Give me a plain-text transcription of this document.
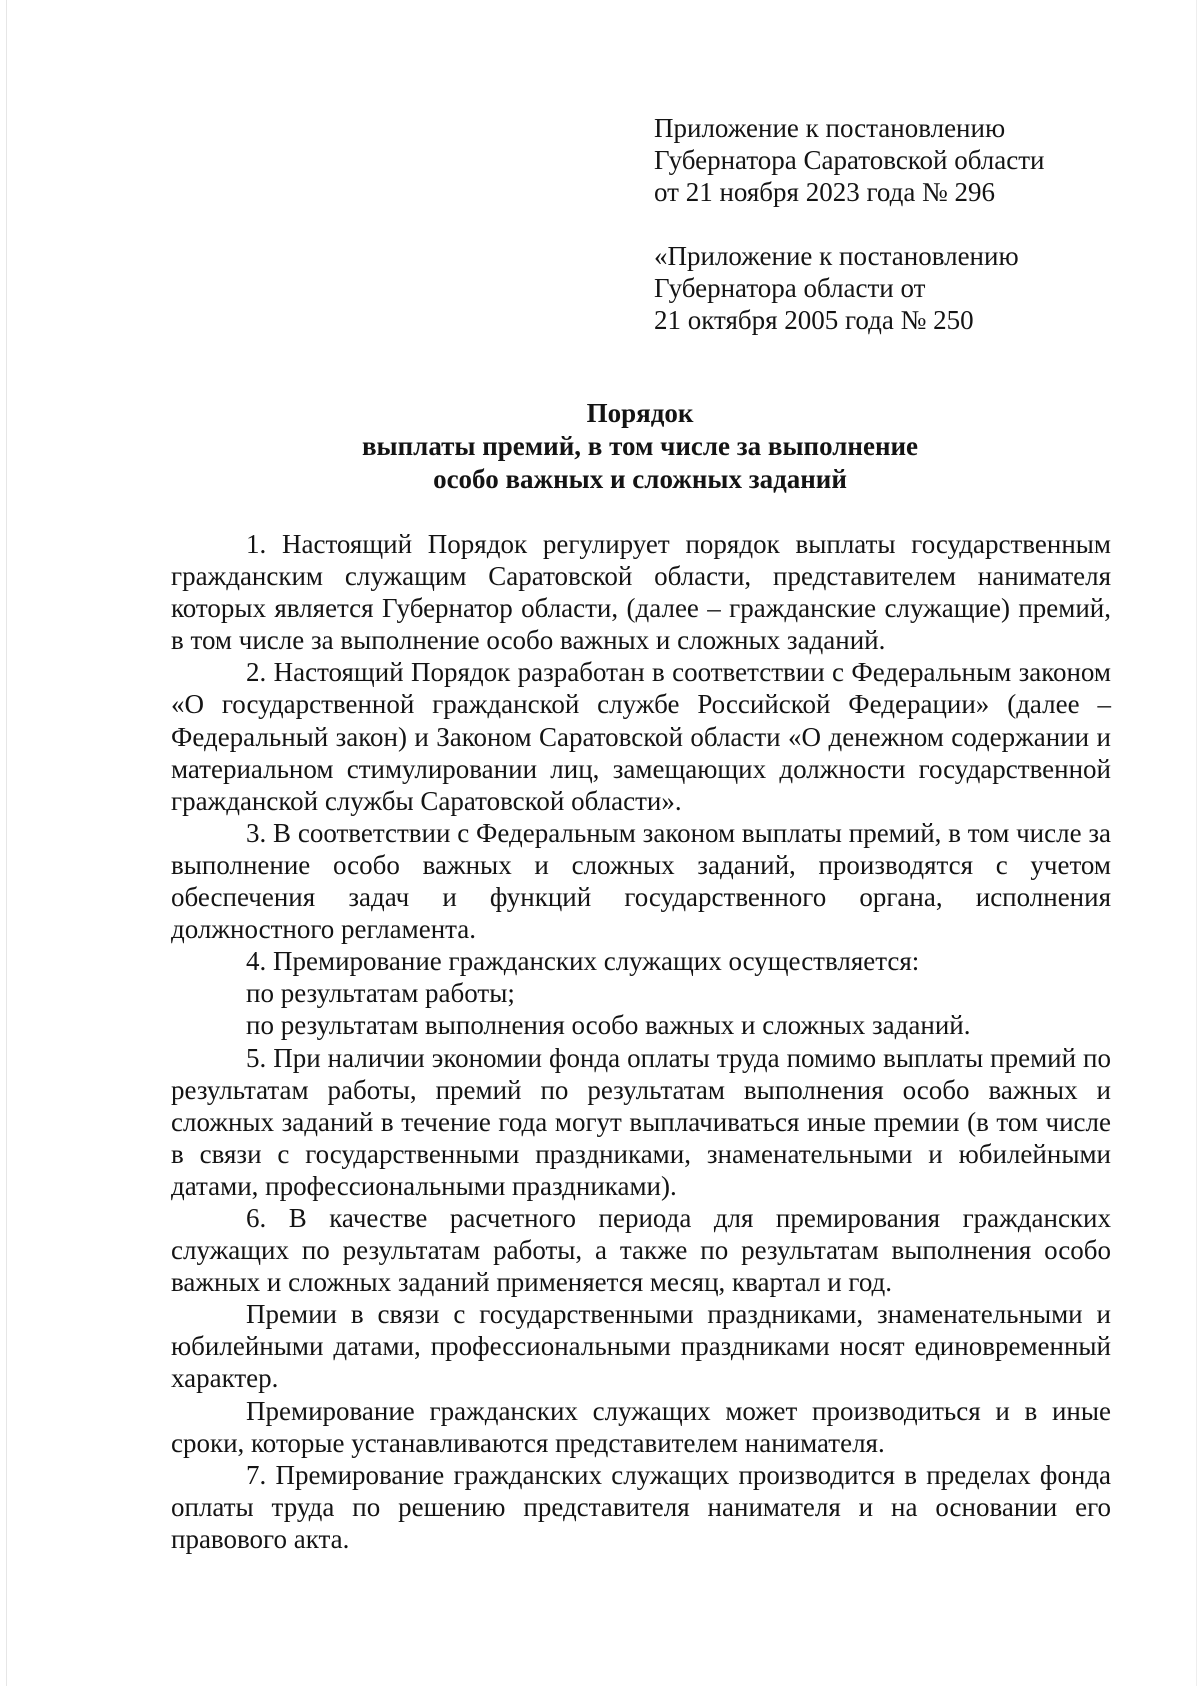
Приложение к постановлению
Губернатора Саратовской области
от 21 ноября 2023 года № 296
«Приложение к постановлению
Губернатора области от
21 октября 2005 года № 250
Порядок
выплаты премий, в том числе за выполнение
особо важных и сложных заданий

1. Настоящий Порядок регулирует порядок выплаты государственным гражданским служащим Саратовской области, представителем нанимателя которых является Губернатор области, (далее – гражданские служащие) премий, в том числе за выполнение особо важных и сложных заданий.

2. Настоящий Порядок разработан в соответствии с Федеральным законом «О государственной гражданской службе Российской Федерации» (далее – Федеральный закон) и Законом Саратовской области «О денежном содержании и материальном стимулировании лиц, замещающих должности государственной гражданской службы Саратовской области».

3. В соответствии с Федеральным законом выплаты премий, в том числе за выполнение особо важных и сложных заданий, производятся с учетом обеспечения задач и функций государственного органа, исполнения должностного регламента.

4. Премирование гражданских служащих осуществляется:

по результатам работы;

по результатам выполнения особо важных и сложных заданий.

5. При наличии экономии фонда оплаты труда помимо выплаты премий по результатам работы, премий по результатам выполнения особо важных и сложных заданий в течение года могут выплачиваться иные премии (в том числе в связи с государственными праздниками, знаменательными и юбилейными датами, профессиональными праздниками).

6. В качестве расчетного периода для премирования гражданских служащих по результатам работы, а также по результатам выполнения особо важных и сложных заданий применяется месяц, квартал и год.

Премии в связи с государственными праздниками, знаменательными и юбилейными датами, профессиональными праздниками носят единовременный характер.

Премирование гражданских служащих может производиться и в иные сроки, которые устанавливаются представителем нанимателя.

7. Премирование гражданских служащих производится в пределах фонда оплаты труда по решению представителя нанимателя и на основании его правового акта.
